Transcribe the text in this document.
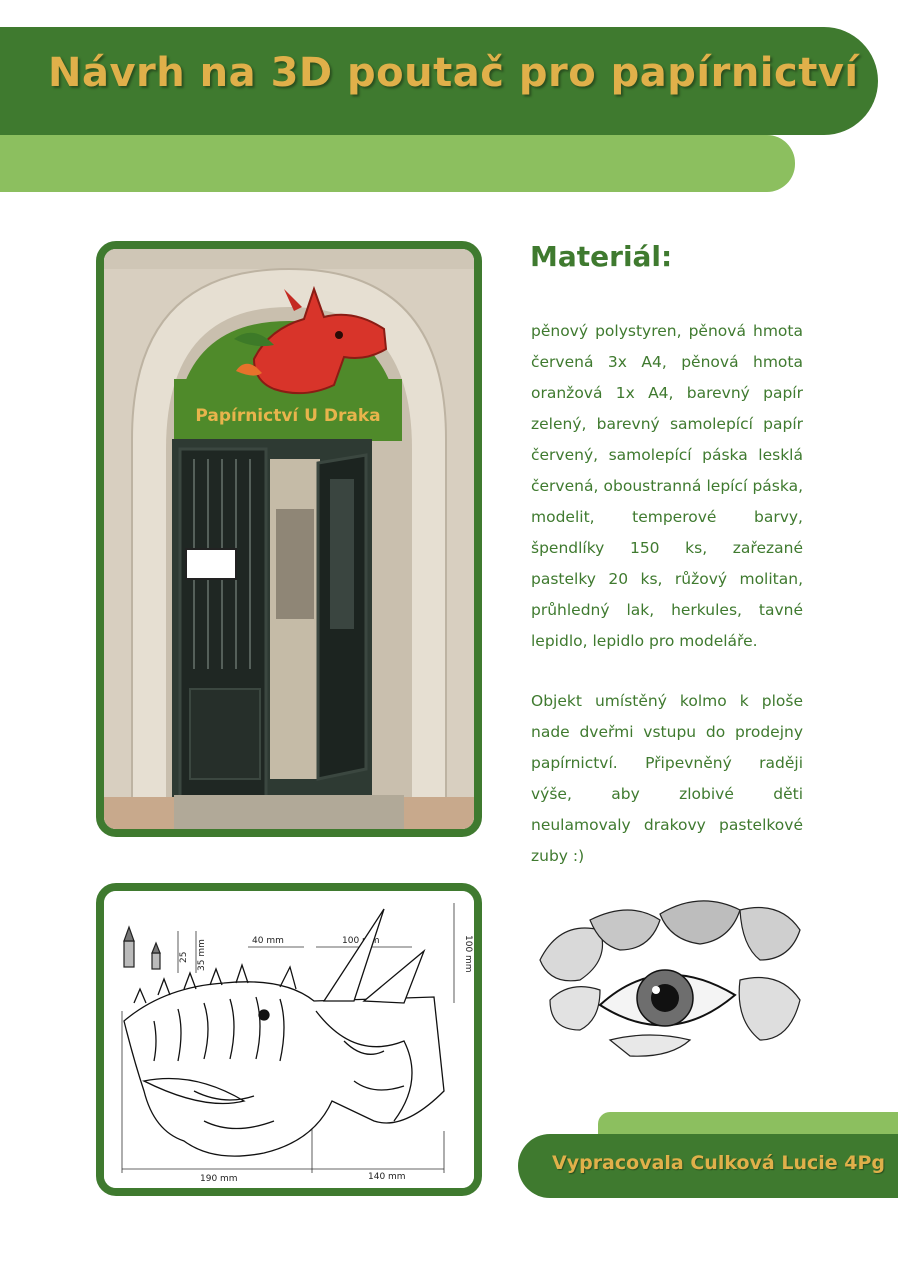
Návrh na 3D poutač pro papírnictví
Papírnictví U Draka
Materiál:

pěnový polystyren, pěnová hmota červená 3x A4, pěnová hmota oranžová 1x A4, barevný papír zelený, barevný samolepící papír červený, samolepící páska lesklá červená, oboustranná lepící páska, modelit, temperové barvy, špendlíky 150 ks, zařezané pastelky 20 ks, růžový molitan, průhledný lak, herkules, tavné lepidlo, lepidlo pro modeláře.

Objekt umístěný kolmo k ploše nade dveřmi vstupu do prodejny papírnictví. Připevněný raději výše, aby zlobivé děti neulamovaly drakovy pastelkové zuby :)

25 35 mm	40 mm	100 mm	100 mm
190 mm	140 mm

Vypracovala Culková Lucie 4Pg
